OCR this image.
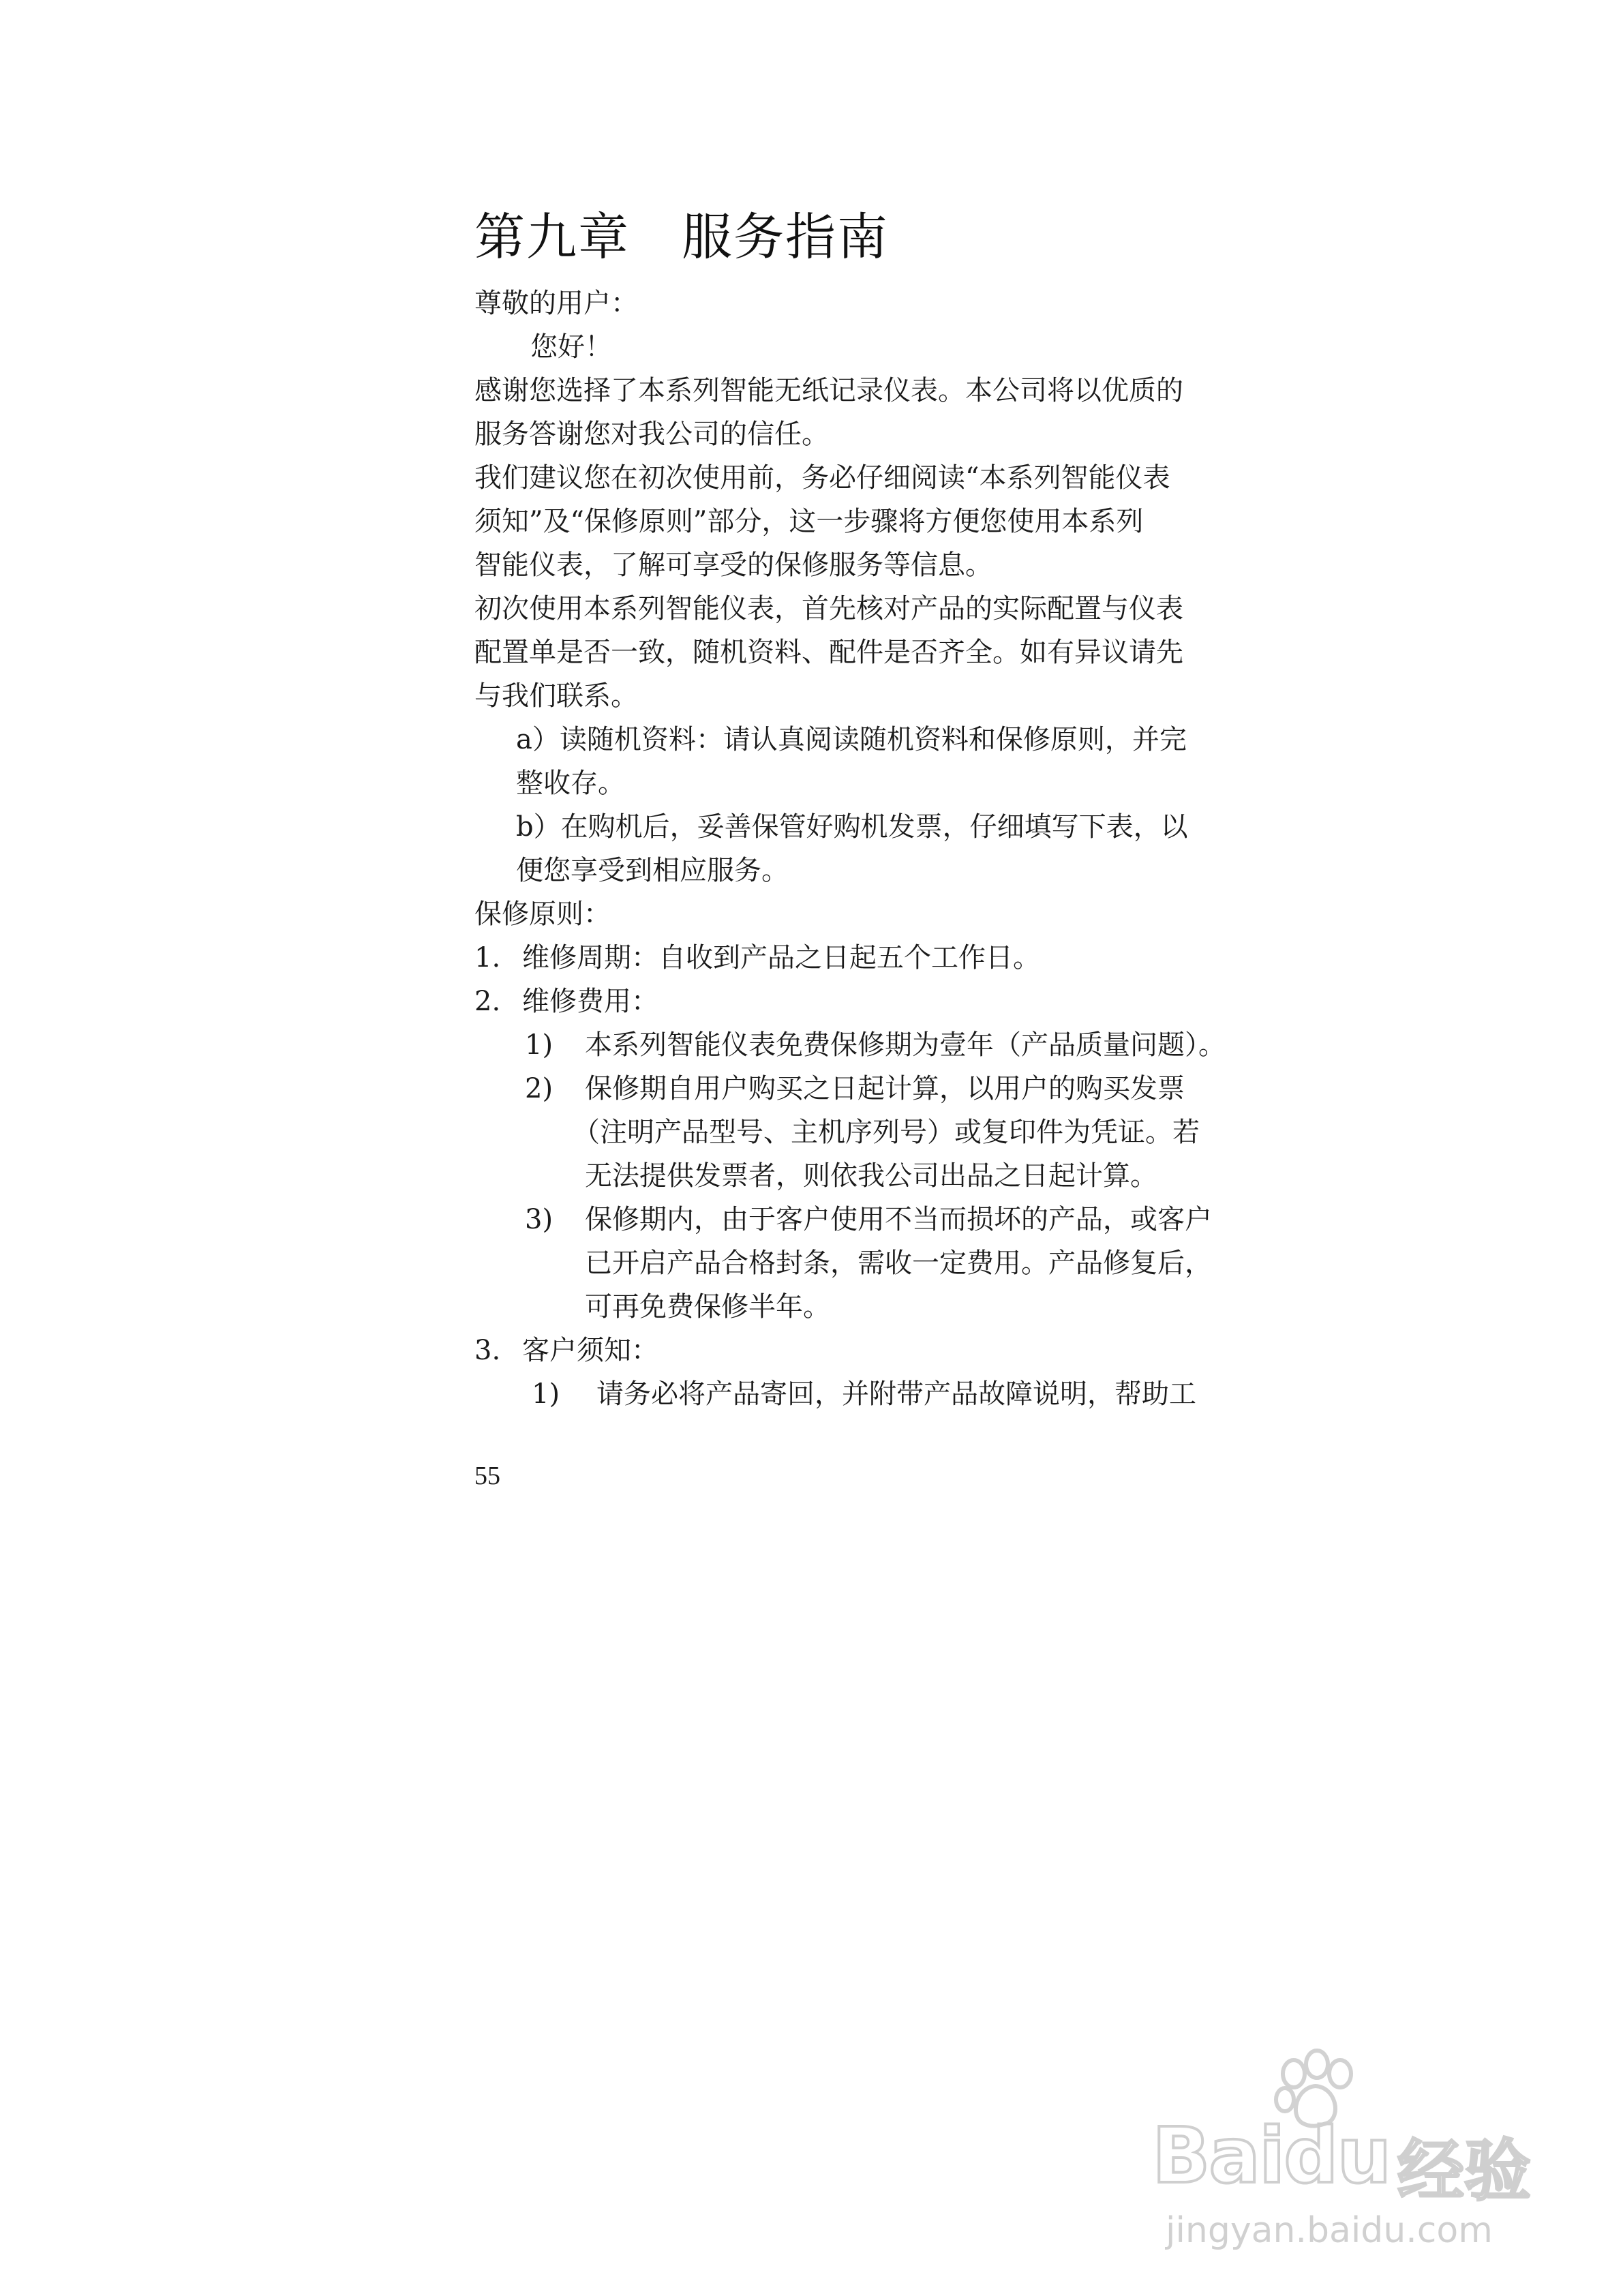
第九章　服务指南
尊敬的用户：
您好！
感谢您选择了本系列智能无纸记录仪表。本公司将以优质的
服务答谢您对我公司的信任。
我们建议您在初次使用前，务必仔细阅读“本系列智能仪表
须知”及“保修原则”部分，这一步骤将方便您使用本系列
智能仪表，了解可享受的保修服务等信息。
初次使用本系列智能仪表，首先核对产品的实际配置与仪表
配置单是否一致，随机资料、配件是否齐全。如有异议请先
与我们联系。
a）读随机资料：请认真阅读随机资料和保修原则，并完
整收存。
b）在购机后，妥善保管好购机发票，仔细填写下表，以
便您享受到相应服务。
保修原则：
1. 维修周期：自收到产品之日起五个工作日。
2. 维修费用：
1) 本系列智能仪表免费保修期为壹年（产品质量问题）。
2) 保修期自用户购买之日起计算，以用户的购买发票
（注明产品型号、主机序列号）或复印件为凭证。若
无法提供发票者，则依我公司出品之日起计算。
3) 保修期内，由于客户使用不当而损坏的产品，或客户
已开启产品合格封条，需收一定费用。产品修复后，
可再免费保修半年。
3. 客户须知：
1) 请务必将产品寄回，并附带产品故障说明，帮助工
55
Baidu 经验
jingyan.baidu.com
